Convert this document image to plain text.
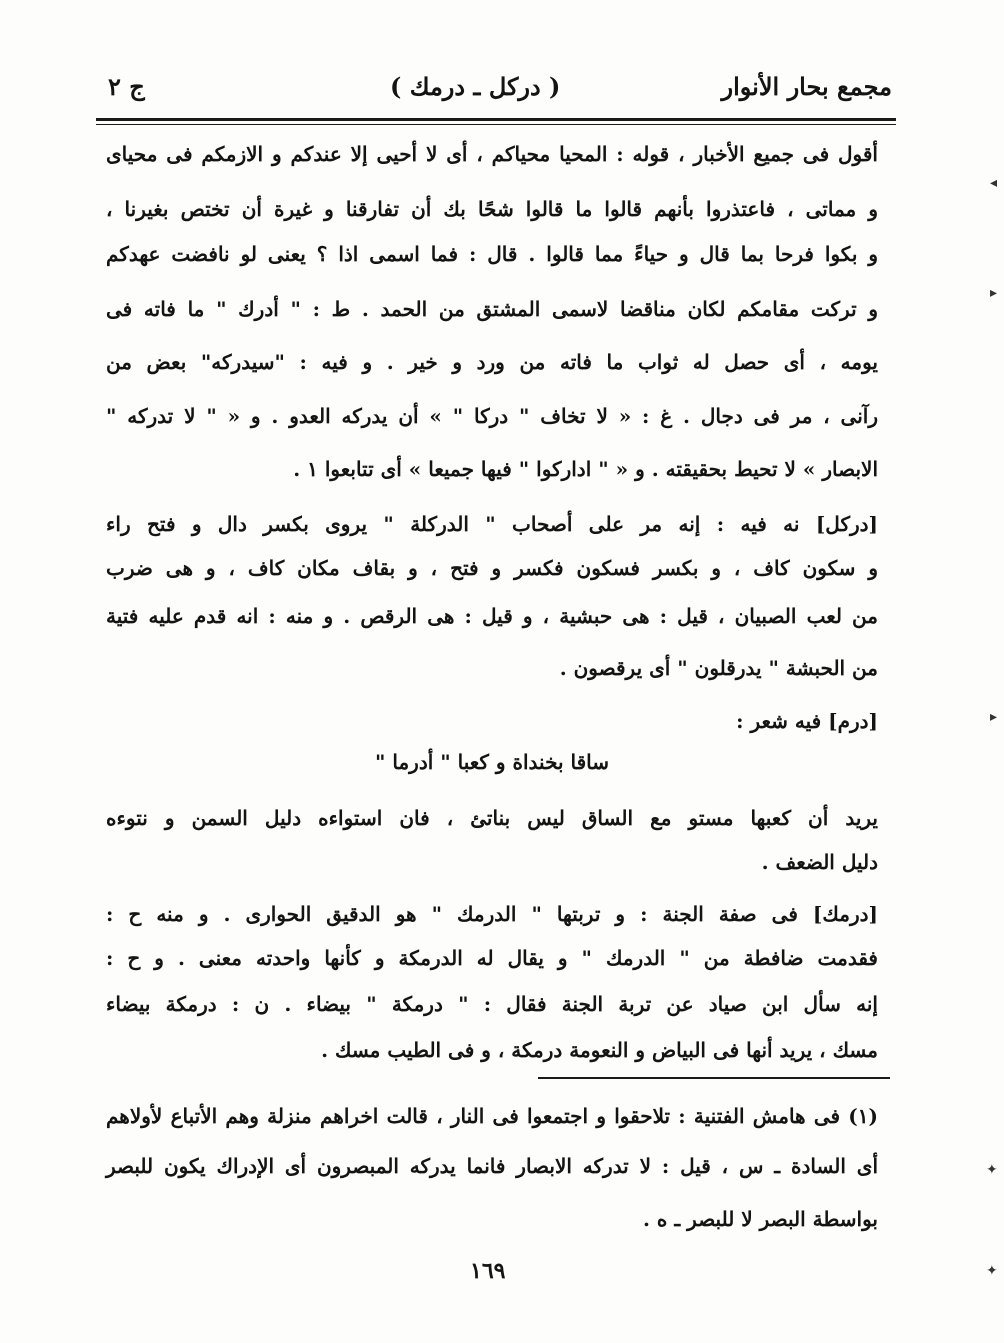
مجمع بحار الأنوار
( دركل ـ درمك )
ج ٢
أقول فى جميع الأخبار ، قوله : المحيا محياكم ، أى لا أحيى إلا عندكم و الازمكم فى محياى
و مماتى ، فاعتذروا بأنهم قالوا ما قالوا شحًا بك أن تفارقنا و غيرة أن تختص بغيرنا ،
و بكوا فرحا بما قال و حياءً مما قالوا . قال : فما اسمى اذا ؟ يعنى لو نافضت عهدكم
و تركت مقامكم لكان مناقضا لاسمى المشتق من الحمد . ط : " أدرك " ما فاته فى
يومه ، أى حصل له ثواب ما فاته من ورد و خير . و فيه : "سيدركه" بعض من
رآنى ، مر فى دجال . غ : « لا تخاف " دركا " » أن يدركه العدو . و « " لا تدركه "
الابصار » لا تحيط بحقيقته . و « " اداركوا " فيها جميعا » أى تتابعوا ١ .
[دركل] نه فيه : إنه مر على أصحاب " الدركلة " يروى بكسر دال و فتح راء
و سكون كاف ، و بكسر فسكون فكسر و فتح ، و بقاف مكان كاف ، و هى ضرب
من لعب الصبيان ، قيل : هى حبشية ، و قيل : هى الرقص . و منه : انه قدم عليه فتية
من الحبشة " يدرقلون " أى يرقصون .
[درم] فيه شعر :
ساقا بخنداة و كعبا " أدرما "
يريد أن كعبها مستو مع الساق ليس بناتئ ، فان استواءه دليل السمن و نتوءه
دليل الضعف .
[درمك] فى صفة الجنة : و تربتها " الدرمك " هو الدقيق الحوارى . و منه ح :
فقدمت ضافطة من " الدرمك " و يقال له الدرمكة و كأنها واحدته معنى . و ح :
إنه سأل ابن صياد عن تربة الجنة فقال : " درمكة " بيضاء . ن : درمكة بيضاء
مسك ، يريد أنها فى البياض و النعومة درمكة ، و فى الطيب مسك .
(١) فى هامش الفتنية : تلاحقوا و اجتمعوا فى النار ، قالت اخراهم منزلة وهم الأتباع لأولاهم
أى السادة ـ س ، قيل : لا تدركه الابصار فانما يدركه المبصرون أى الإدراك يكون للبصر
بواسطة البصر لا للبصر ـ ه .
١٦٩
◂
▸
▸
✦
✦
